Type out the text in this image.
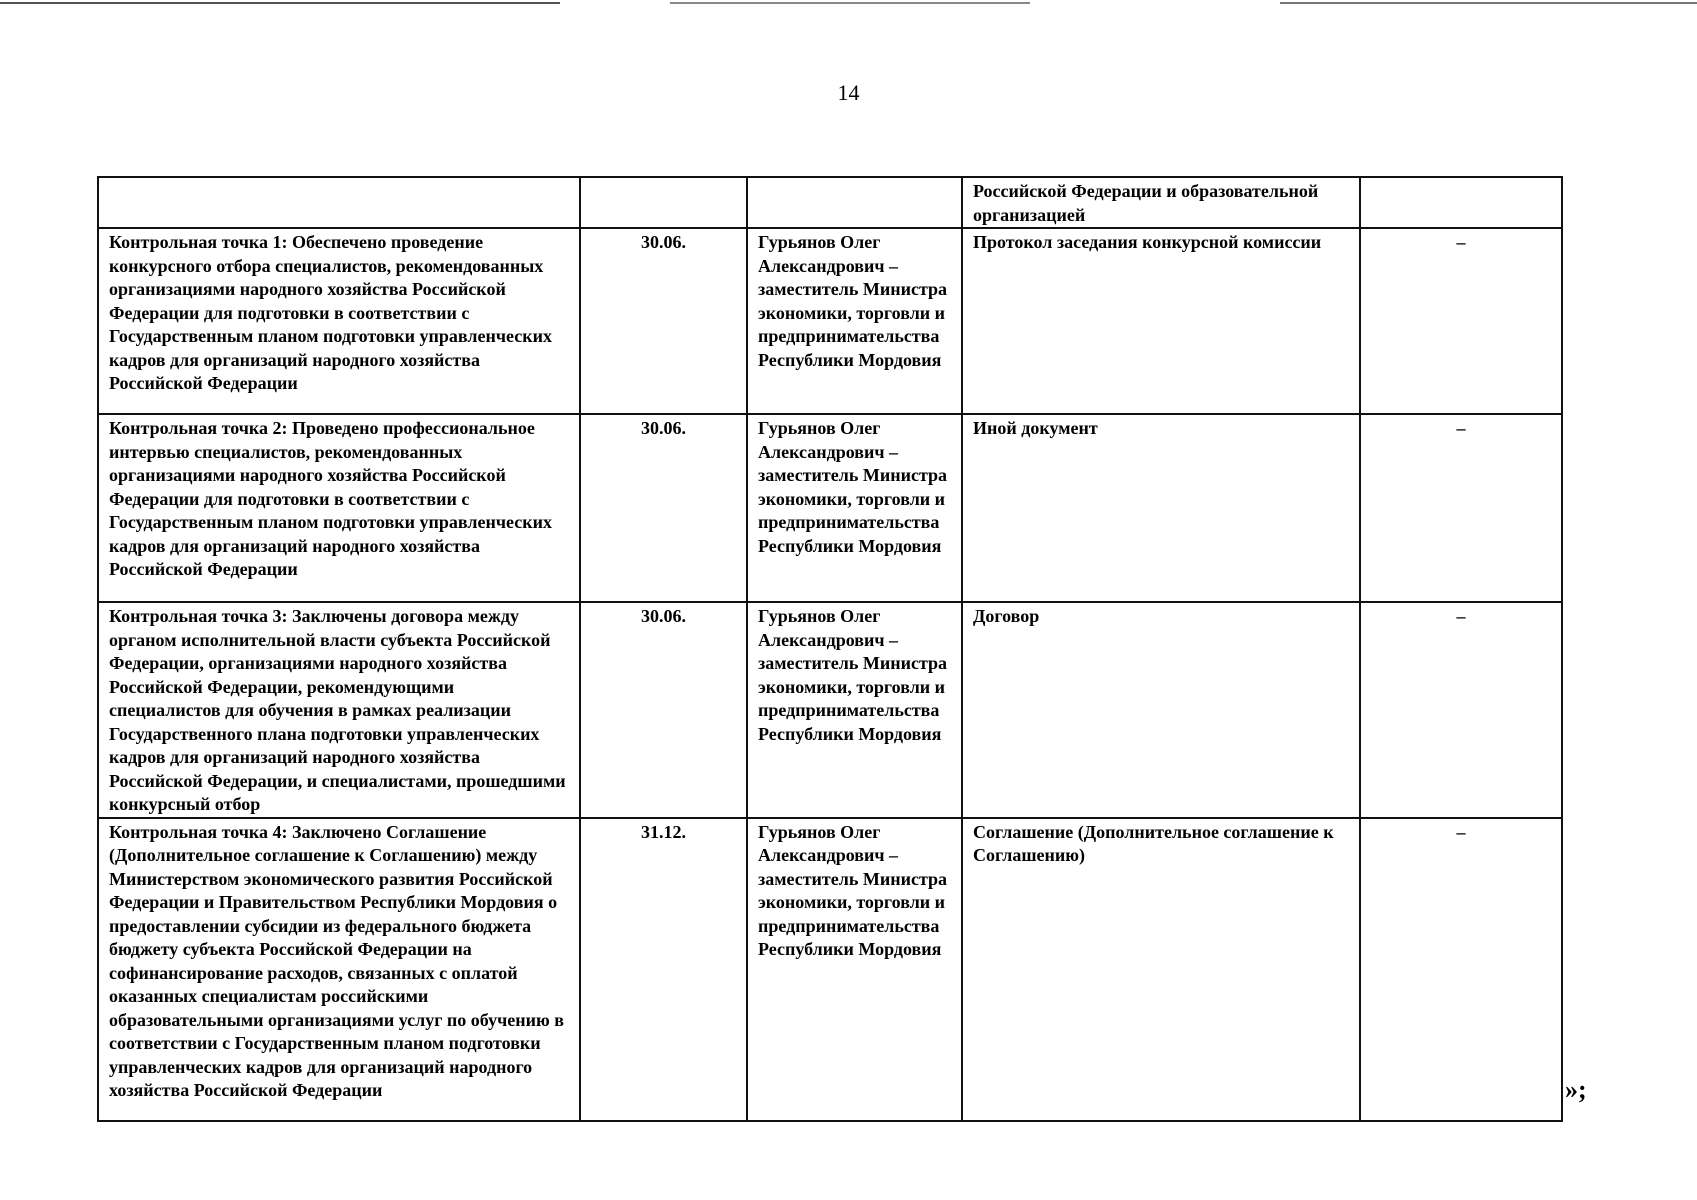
14
			Российской Федерации и образовательной организацией	
Контрольная точка 1: Обеспечено проведение конкурсного отбора специалистов, рекомендованных организациями народного хозяйства Российской Федерации для подготовки в соответствии с Государственным планом подготовки управленческих кадров для организаций народного хозяйства Российской Федерации	30.06.	Гурьянов Олег Александрович – заместитель Министра экономики, торговли и предпринимательства Республики Мордовия	Протокол заседания конкурсной комиссии	–
Контрольная точка 2: Проведено профессиональное интервью специалистов, рекомендованных организациями народного хозяйства Российской Федерации для подготовки в соответствии с Государственным планом подготовки управленческих кадров для организаций народного хозяйства Российской Федерации	30.06.	Гурьянов Олег Александрович – заместитель Министра экономики, торговли и предпринимательства Республики Мордовия	Иной документ	–
Контрольная точка 3: Заключены договора между органом исполнительной власти субъекта Российской Федерации, организациями народного хозяйства Российской Федерации, рекомендующими специалистов для обучения в рамках реализации Государственного плана подготовки управленческих кадров для организаций народного хозяйства Российской Федерации, и специалистами, прошедшими конкурсный отбор	30.06.	Гурьянов Олег Александрович – заместитель Министра экономики, торговли и предпринимательства Республики Мордовия	Договор	–
Контрольная точка 4: Заключено Соглашение (Дополнительное соглашение к Соглашению) между Министерством экономического развития Российской Федерации и Правительством Республики Мордовия о предоставлении субсидии из федерального бюджета бюджету субъекта Российской Федерации на софинансирование расходов, связанных с оплатой оказанных специалистам российскими образовательными организациями услуг по обучению в соответствии с Государственным планом подготовки управленческих кадров для организаций народного хозяйства Российской Федерации	31.12.	Гурьянов Олег Александрович – заместитель Министра экономики, торговли и предпринимательства Республики Мордовия	Соглашение (Дополнительное соглашение к Соглашению)	–
»;
